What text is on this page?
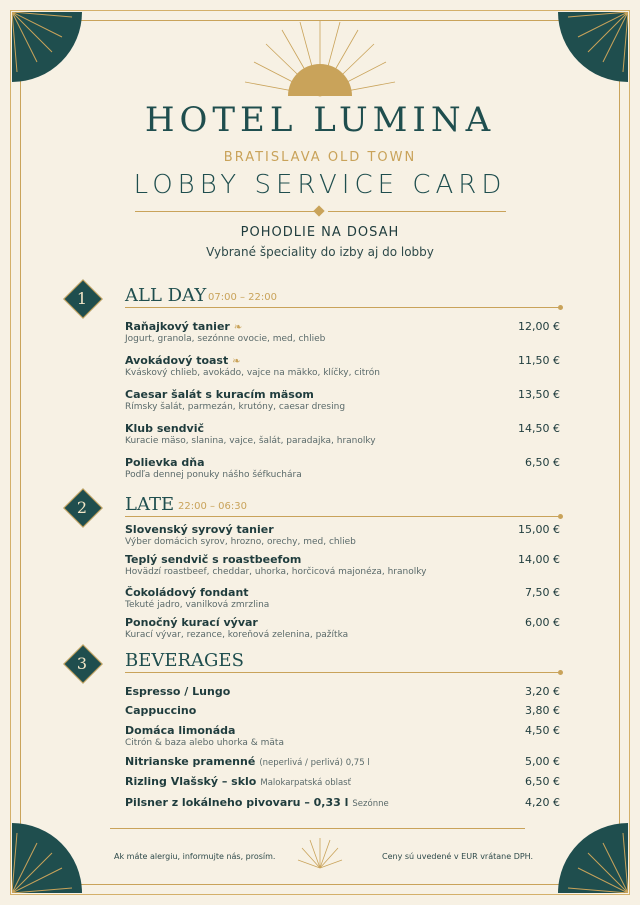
HOTEL LUMINA
BRATISLAVA OLD TOWN
LOBBY SERVICE CARD
POHODLIE NA DOSAH
Vybrané špeciality do izby aj do lobby
1	ALL DAY 07:00 – 22:00
Raňajkový tanier ❧
Jogurt, granola, sezónne ovocie, med, chlieb
12,00 €
Avokádový toast ❧
Kváskový chlieb, avokádo, vajce na mäkko, klíčky, citrón
11,50 €
Caesar šalát s kuracím mäsom
Rímsky šalát, parmezán, krutóny, caesar dresing
13,50 €
Klub sendvič
Kuracie mäso, slanina, vajce, šalát, paradajka, hranolky
14,50 €
Polievka dňa
Podľa dennej ponuky nášho šéfkuchára
6,50 €
2	LATE 22:00 – 06:30
Slovenský syrový tanier
Výber domácich syrov, hrozno, orechy, med, chlieb
15,00 €
Teplý sendvič s roastbeefom
Hovädzí roastbeef, cheddar, uhorka, horčicová majonéza, hranolky
14,00 €
Čokoládový fondant
Tekuté jadro, vanilková zmrzlina
7,50 €
Ponočný kurací vývar
Kurací vývar, rezance, koreňová zelenina, pažítka
6,00 €
3	BEVERAGES
Espresso / Lungo	3,20 €
Cappuccino	3,80 €
Domáca limonáda
Citrón & baza alebo uhorka & mäta
4,50 €
Nitrianske pramenné (neperlivá / perlivá) 0,75 l	5,00 €
Rizling Vlašský – sklo Malokarpatská oblasť	6,50 €
Pilsner z lokálneho pivovaru – 0,33 l Sezónne	4,20 €
Ak máte alergiu, informujte nás, prosím.	Ceny sú uvedené v EUR vrátane DPH.
